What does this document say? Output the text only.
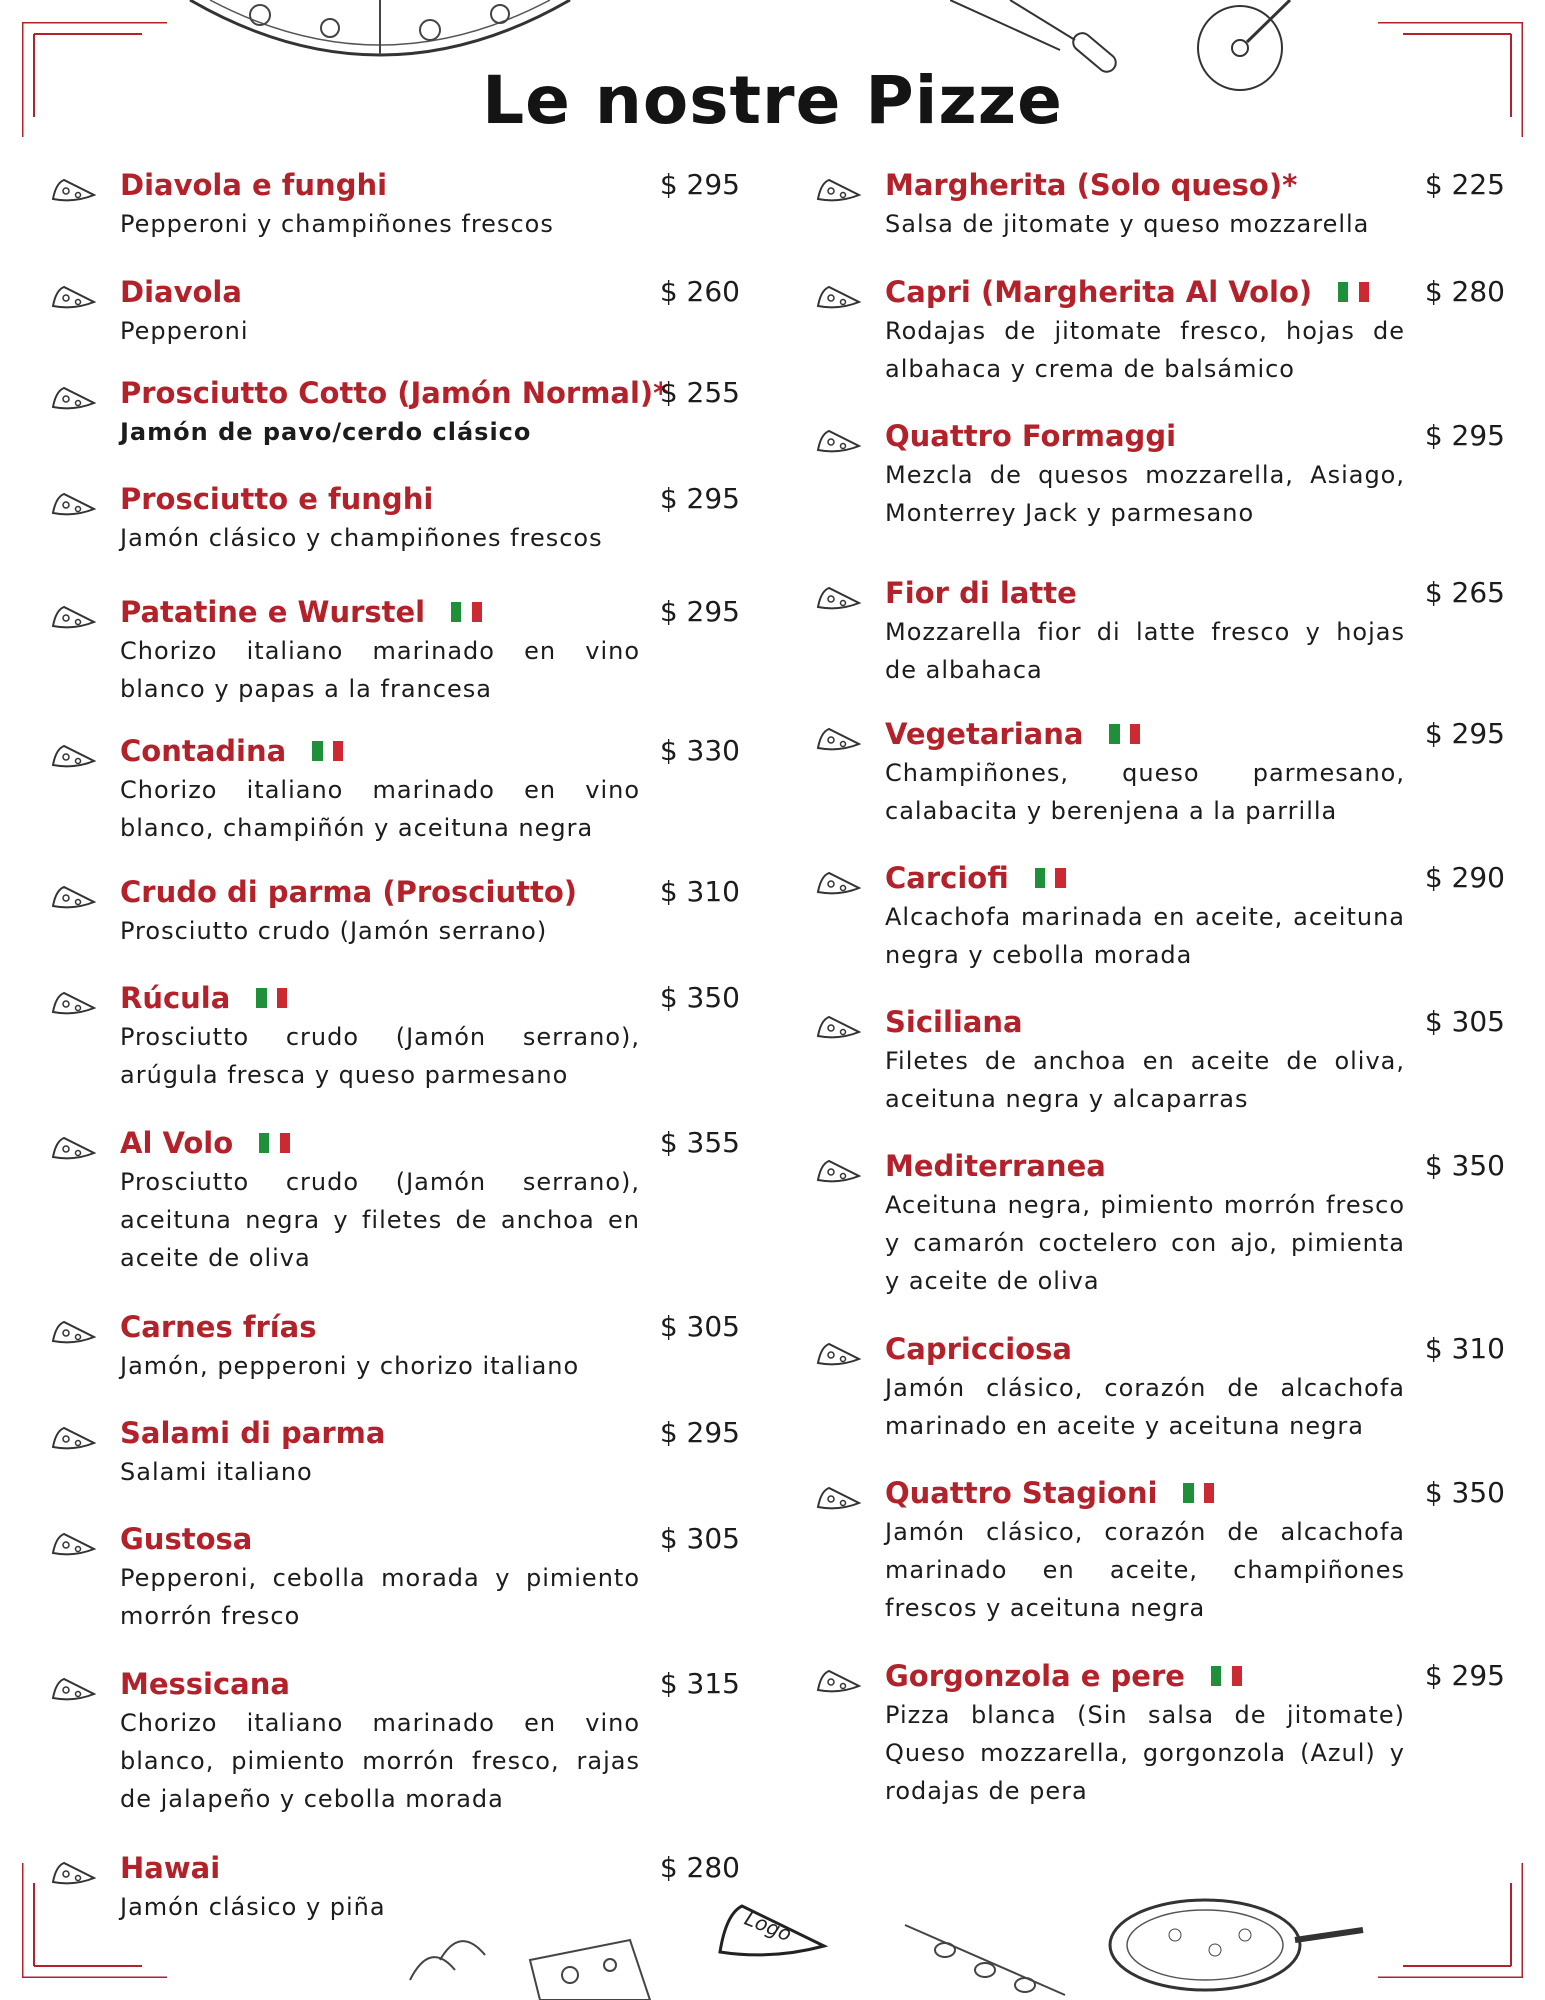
Le nostre Pizze
Diavola e funghi	$ 295
Pepperoni y champiñones frescos
Diavola	$ 260
Pepperoni
Prosciutto Cotto (Jamón Normal)*
$ 255
Jamón de pavo/cerdo clásico
Prosciutto e funghi	$ 295
Jamón clásico y champiñones frescos
Patatine e Wurstel	$ 295
Chorizo italiano marinado en vino blanco y papas a la francesa
Contadina	$ 330
Chorizo italiano marinado en vino blanco, champiñón y aceituna negra
Crudo di parma (Prosciutto)	$ 310
Prosciutto crudo (Jamón serrano)
Rúcula	$ 350
Prosciutto crudo (Jamón serrano), arúgula fresca y queso parmesano
Al Volo	$ 355
Prosciutto crudo (Jamón serrano), aceituna negra y filetes de anchoa en aceite de oliva
Carnes frías	$ 305
Jamón, pepperoni y chorizo italiano
Salami di parma	$ 295
Salami italiano
Gustosa	$ 305
Pepperoni, cebolla morada y pimiento morrón fresco
Messicana	$ 315
Chorizo italiano marinado en vino blanco, pimiento morrón fresco, rajas de jalapeño y cebolla morada
Hawai	$ 280
Jamón clásico y piña
Margherita (Solo queso)*	$ 225
Salsa de jitomate y queso mozzarella
Capri (Margherita Al Volo)	$ 280
Rodajas de jitomate fresco, hojas de albahaca y crema de balsámico
Quattro Formaggi	$ 295
Mezcla de quesos mozzarella, Asiago, Monterrey Jack y parmesano
Fior di latte	$ 265
Mozzarella fior di latte fresco y hojas de albahaca
Vegetariana	$ 295
Champiñones, queso parmesano, calabacita y berenjena a la parrilla
Carciofi	$ 290
Alcachofa marinada en aceite, aceituna negra y cebolla morada
Siciliana	$ 305
Filetes de anchoa en aceite de oliva, aceituna negra y alcaparras
Mediterranea	$ 350
Aceituna negra, pimiento morrón fresco y camarón coctelero con ajo, pimienta y aceite de oliva
Capricciosa	$ 310
Jamón clásico, corazón de alcachofa marinado en aceite y aceituna negra
Quattro Stagioni	$ 350
Jamón clásico, corazón de alcachofa marinado en aceite, champiñones frescos y aceituna negra
Gorgonzola e pere	$ 295
Pizza blanca (Sin salsa de jitomate) Queso mozzarella, gorgonzola (Azul) y rodajas de pera
Logo
